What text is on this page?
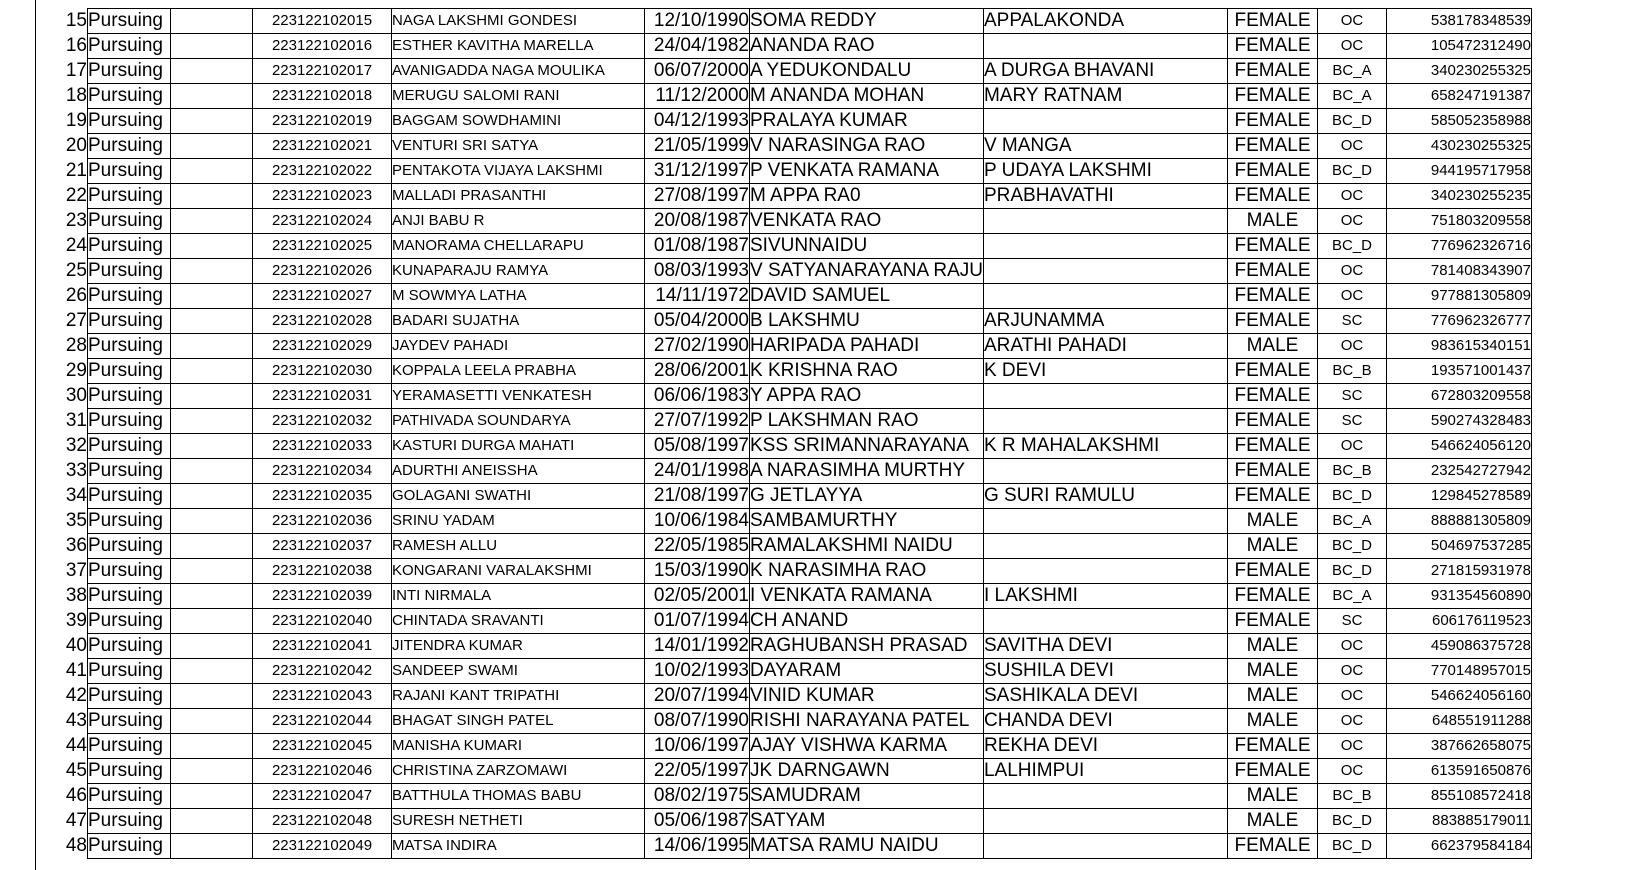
15	Pursuing		223122102015	NAGA LAKSHMI GONDESI	12/10/1990	SOMA REDDY	APPALAKONDA	FEMALE	OC	538178348539
16	Pursuing		223122102016	ESTHER KAVITHA MARELLA	24/04/1982	ANANDA RAO		FEMALE	OC	105472312490
17	Pursuing		223122102017	AVANIGADDA NAGA MOULIKA	06/07/2000	A YEDUKONDALU	A DURGA BHAVANI	FEMALE	BC_A	340230255325
18	Pursuing		223122102018	MERUGU SALOMI RANI	11/12/2000	M ANANDA MOHAN	MARY RATNAM	FEMALE	BC_A	658247191387
19	Pursuing		223122102019	BAGGAM SOWDHAMINI	04/12/1993	PRALAYA KUMAR		FEMALE	BC_D	585052358988
20	Pursuing		223122102021	VENTURI SRI SATYA	21/05/1999	V NARASINGA RAO	V MANGA	FEMALE	OC	430230255325
21	Pursuing		223122102022	PENTAKOTA VIJAYA LAKSHMI	31/12/1997	P VENKATA RAMANA	P UDAYA LAKSHMI	FEMALE	BC_D	944195717958
22	Pursuing		223122102023	MALLADI PRASANTHI	27/08/1997	M APPA RA0	PRABHAVATHI	FEMALE	OC	340230255235
23	Pursuing		223122102024	ANJI BABU R	20/08/1987	VENKATA RAO		MALE	OC	751803209558
24	Pursuing		223122102025	MANORAMA CHELLARAPU	01/08/1987	SIVUNNAIDU		FEMALE	BC_D	776962326716
25	Pursuing		223122102026	KUNAPARAJU RAMYA	08/03/1993	V SATYANARAYANA RAJU		FEMALE	OC	781408343907
26	Pursuing		223122102027	M SOWMYA LATHA	14/11/1972	DAVID SAMUEL		FEMALE	OC	977881305809
27	Pursuing		223122102028	BADARI SUJATHA	05/04/2000	B LAKSHMU	ARJUNAMMA	FEMALE	SC	776962326777
28	Pursuing		223122102029	JAYDEV PAHADI	27/02/1990	HARIPADA PAHADI	ARATHI PAHADI	MALE	OC	983615340151
29	Pursuing		223122102030	KOPPALA LEELA PRABHA	28/06/2001	K KRISHNA RAO	K DEVI	FEMALE	BC_B	193571001437
30	Pursuing		223122102031	YERAMASETTI VENKATESH	06/06/1983	Y APPA RAO		FEMALE	SC	672803209558
31	Pursuing		223122102032	PATHIVADA SOUNDARYA	27/07/1992	P LAKSHMAN RAO		FEMALE	SC	590274328483
32	Pursuing		223122102033	KASTURI DURGA MAHATI	05/08/1997	KSS SRIMANNARAYANA	K R MAHALAKSHMI	FEMALE	OC	546624056120
33	Pursuing		223122102034	ADURTHI ANEISSHA	24/01/1998	A NARASIMHA MURTHY		FEMALE	BC_B	232542727942
34	Pursuing		223122102035	GOLAGANI SWATHI	21/08/1997	G JETLAYYA	G SURI RAMULU	FEMALE	BC_D	129845278589
35	Pursuing		223122102036	SRINU YADAM	10/06/1984	SAMBAMURTHY		MALE	BC_A	888881305809
36	Pursuing		223122102037	RAMESH ALLU	22/05/1985	RAMALAKSHMI NAIDU		MALE	BC_D	504697537285
37	Pursuing		223122102038	KONGARANI VARALAKSHMI	15/03/1990	K NARASIMHA RAO		FEMALE	BC_D	271815931978
38	Pursuing		223122102039	INTI NIRMALA	02/05/2001	I VENKATA RAMANA	I LAKSHMI	FEMALE	BC_A	931354560890
39	Pursuing		223122102040	CHINTADA SRAVANTI	01/07/1994	CH ANAND		FEMALE	SC	606176119523
40	Pursuing		223122102041	JITENDRA KUMAR	14/01/1992	RAGHUBANSH PRASAD	SAVITHA DEVI	MALE	OC	459086375728
41	Pursuing		223122102042	SANDEEP SWAMI	10/02/1993	DAYARAM	SUSHILA DEVI	MALE	OC	770148957015
42	Pursuing		223122102043	RAJANI KANT TRIPATHI	20/07/1994	VINID KUMAR	SASHIKALA DEVI	MALE	OC	546624056160
43	Pursuing		223122102044	BHAGAT SINGH PATEL	08/07/1990	RISHI NARAYANA PATEL	CHANDA DEVI	MALE	OC	648551911288
44	Pursuing		223122102045	MANISHA KUMARI	10/06/1997	AJAY VISHWA KARMA	REKHA DEVI	FEMALE	OC	387662658075
45	Pursuing		223122102046	CHRISTINA ZARZOMAWI	22/05/1997	JK DARNGAWN	LALHIMPUI	FEMALE	OC	613591650876
46	Pursuing		223122102047	BATTHULA THOMAS BABU	08/02/1975	SAMUDRAM		MALE	BC_B	855108572418
47	Pursuing		223122102048	SURESH NETHETI	05/06/1987	SATYAM		MALE	BC_D	883885179011
48	Pursuing		223122102049	MATSA INDIRA	14/06/1995	MATSA RAMU NAIDU		FEMALE	BC_D	662379584184
